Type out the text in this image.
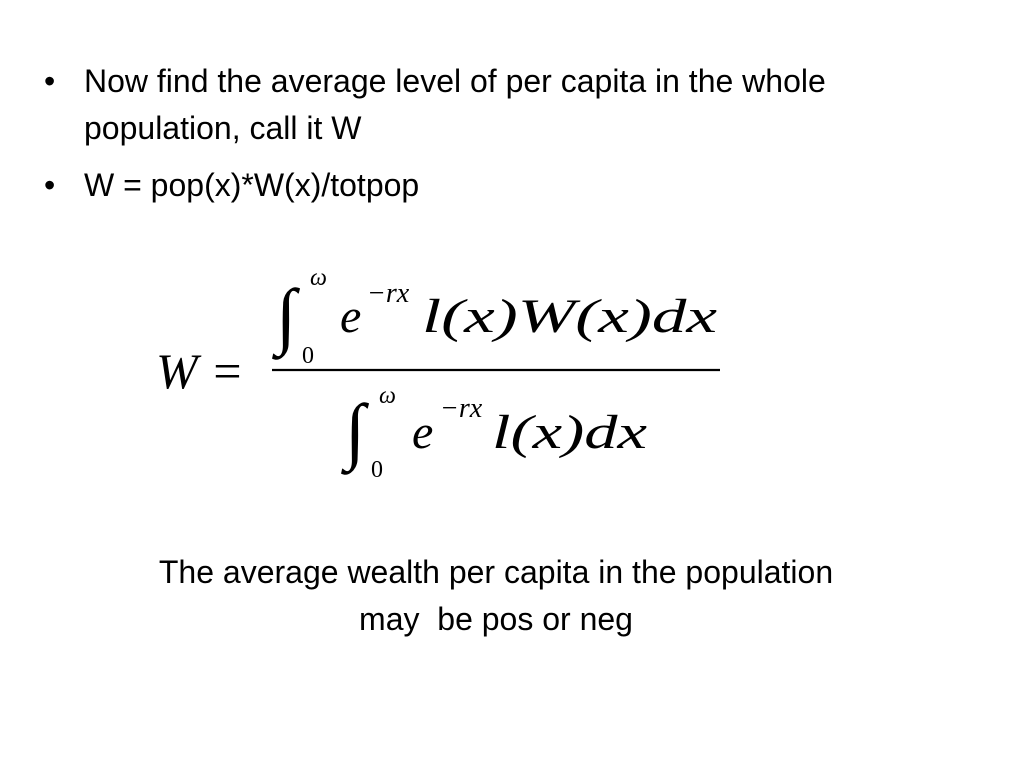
• Now find the average level of per capita in the whole population, call it W
• W = pop(x)*W(x)/totpop
W =
∫ ω
0
e −rx l(x)W(x)dx
∫ ω
0
e −rx l(x)dx
The average wealth per capita in the population
may  be pos or neg
